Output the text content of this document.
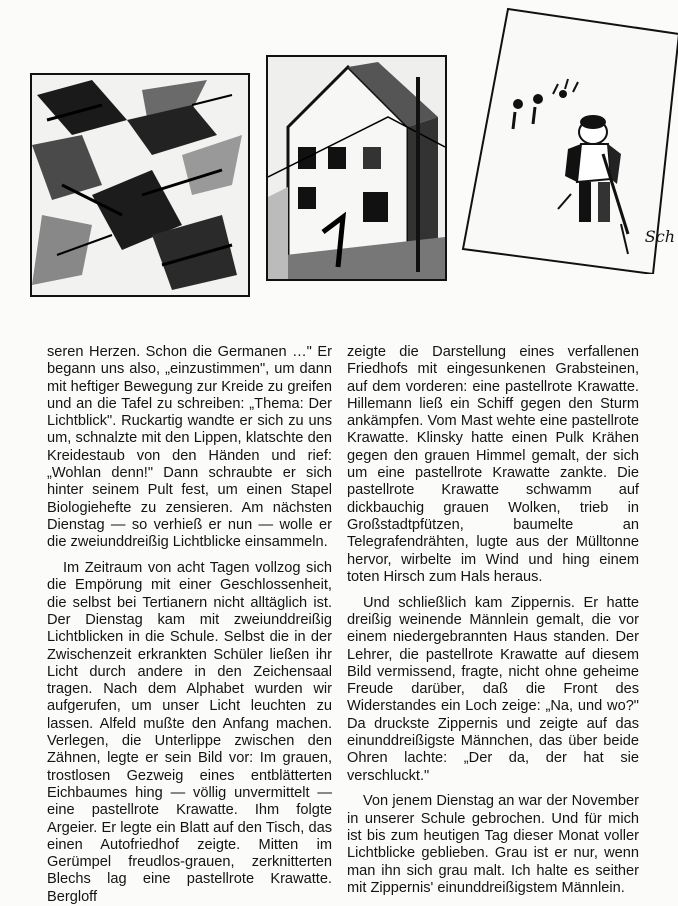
Sch

seren Herzen. Schon die Germanen …" Er begann uns also, „einzustimmen", um dann mit heftiger Bewegung zur Kreide zu greifen und an die Tafel zu schreiben: „Thema: Der Lichtblick". Ruckartig wandte er sich zu uns um, schnalzte mit den Lippen, klatschte den Kreidestaub von den Händen und rief: „Wohlan denn!" Dann schraubte er sich hinter seinem Pult fest, um einen Stapel Biologiehefte zu zensieren. Am nächsten Dienstag — so verhieß er nun — wolle er die zweiunddreißig Lichtblicke einsammeln.

Im Zeitraum von acht Tagen vollzog sich die Empörung mit einer Geschlossenheit, die selbst bei Tertianern nicht alltäglich ist. Der Dienstag kam mit zweiunddreißig Lichtblicken in die Schule. Selbst die in der Zwischenzeit erkrankten Schüler ließen ihr Licht durch andere in den Zeichensaal tragen. Nach dem Alphabet wurden wir aufgerufen, um unser Licht leuchten zu lassen. Alfeld mußte den Anfang machen. Verlegen, die Unterlippe zwischen den Zähnen, legte er sein Bild vor: Im grauen, trostlosen Gezweig eines entblätterten Eichbaumes hing — völlig unvermittelt — eine pastellrote Krawatte. Ihm folgte Argeier. Er legte ein Blatt auf den Tisch, das einen Autofriedhof zeigte. Mitten im Gerümpel freudlos-grauen, zerknitterten Blechs lag eine pastellrote Krawatte. Bergloff

zeigte die Darstellung eines verfallenen Friedhofs mit eingesunkenen Grabsteinen, auf dem vorderen: eine pastellrote Krawatte. Hillemann ließ ein Schiff gegen den Sturm ankämpfen. Vom Mast wehte eine pastellrote Krawatte. Klinsky hatte einen Pulk Krähen gegen den grauen Himmel gemalt, der sich um eine pastellrote Krawatte zankte. Die pastellrote Krawatte schwamm auf dickbauchig grauen Wolken, trieb in Großstadtpfützen, baumelte an Telegrafendrähten, lugte aus der Mülltonne hervor, wirbelte im Wind und hing einem toten Hirsch zum Hals heraus.

Und schließlich kam Zippernis. Er hatte dreißig weinende Männlein gemalt, die vor einem niedergebrannten Haus standen. Der Lehrer, die pastellrote Krawatte auf diesem Bild vermissend, fragte, nicht ohne geheime Freude darüber, daß die Front des Widerstandes ein Loch zeige: „Na, und wo?" Da druckste Zippernis und zeigte auf das einunddreißigste Männchen, das über beide Ohren lachte: „Der da, der hat sie verschluckt."

Von jenem Dienstag an war der November in unserer Schule gebrochen. Und für mich ist bis zum heutigen Tag dieser Monat voller Lichtblicke geblieben. Grau ist er nur, wenn man ihn sich grau malt. Ich halte es seither mit Zippernis' einunddreißigstem Männlein.
